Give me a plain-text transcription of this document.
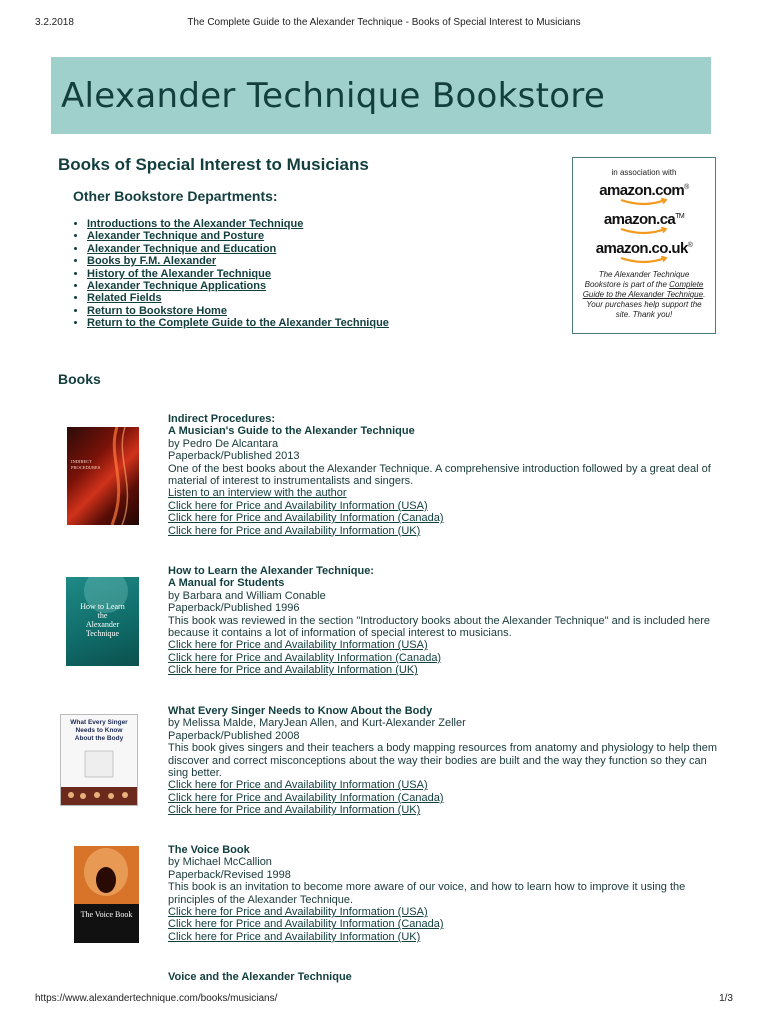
3.2.2018	The Complete Guide to the Alexander Technique - Books of Special Interest to Musicians
Alexander Technique Bookstore
Books of Special Interest to Musicians
Other Bookstore Departments:
• Introductions to the Alexander Technique
• Alexander Technique and Posture
• Alexander Technique and Education
• Books by F.M. Alexander
• History of the Alexander Technique
• Alexander Technique Applications
• Related Fields
• Return to Bookstore Home
• Return to the Complete Guide to the Alexander Technique
in association with
amazon.com®
amazon.ca™
amazon.co.uk®
The Alexander Technique Bookstore is part of the Complete Guide to the Alexander Technique. Your purchases help support the site. Thank you!
Books
INDIRECT
PROCEDURES
Indirect Procedures:
A Musician's Guide to the Alexander Technique
by Pedro De Alcantara
Paperback/Published 2013
One of the best books about the Alexander Technique. A comprehensive introduction followed by a great deal of material of interest to instrumentalists and singers.
Listen to an interview with the author
Click here for Price and Availability Information (USA)
Click here for Price and Availability Information (Canada)
Click here for Price and Availability Information (UK)
How to Learn
the
Alexander
Technique
How to Learn the Alexander Technique:
A Manual for Students
by Barbara and William Conable
Paperback/Published 1996
This book was reviewed in the section "Introductory books about the Alexander Technique" and is included here because it contains a lot of information of special interest to musicians.
Click here for Price and Availability Information (USA)
Click here for Price and Availablity Information (Canada)
Click here for Price and Availablity Information (UK)
What Every Singer
Needs to Know
About the Body
What Every Singer Needs to Know About the Body
by Melissa Malde, MaryJean Allen, and Kurt-Alexander Zeller
Paperback/Published 2008
This book gives singers and their teachers a body mapping resources from anatomy and physiology to help them discover and correct misconceptions about the way their bodies are built and the way they function so they can sing better.
Click here for Price and Availability Information (USA)
Click here for Price and Availability Information (Canada)
Click here for Price and Availability Information (UK)
The Voice Book
The Voice Book
by Michael McCallion
Paperback/Revised 1998
This book is an invitation to become more aware of our voice, and how to learn how to improve it using the principles of the Alexander Technique.
Click here for Price and Availability Information (USA)
Click here for Price and Availability Information (Canada)
Click here for Price and Availability Information (UK)
Voice and the Alexander Technique
https://www.alexandertechnique.com/books/musicians/	1/3
